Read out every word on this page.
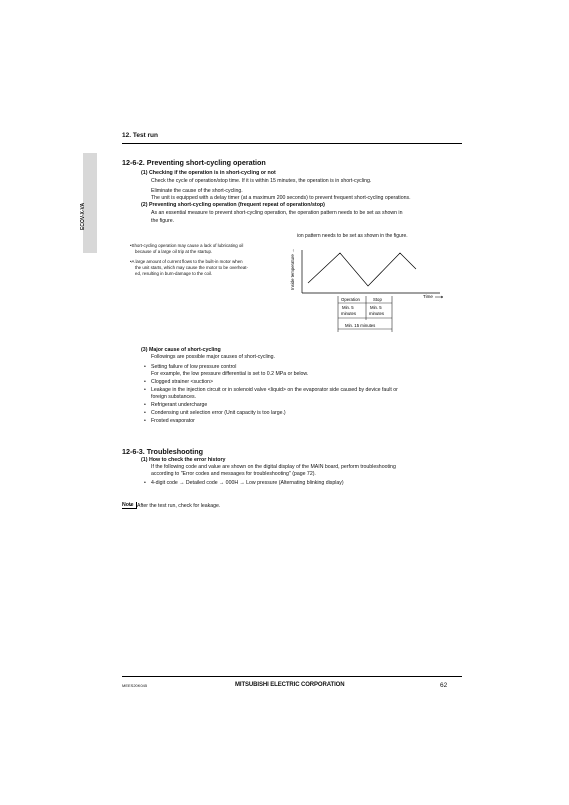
12. Test run
ECOV-X-VA
12-6-2. Preventing short-cycling operation
(1) Checking if the operation is in short-cycling or not
Check the cycle of operation/stop time. If it is within 15 minutes, the operation is in short-cycling.
Eliminate the cause of the short-cycling.
The unit is equipped with a delay timer (at a maximum 200 seconds) to prevent frequent short-cycling operations.
(2) Preventing short-cycling operation (frequent repeat of operation/stop)
As an essential measure to prevent short-cycling operation, the operation pattern needs to be set as shown in
the figure.
ion pattern needs to be set as shown in the figure.
•Short-cycling operation may cause a lack of lubricating oil
because of a large oil trip at the startup.
•A large amount of current flows to the built-in motor when
the unit starts, which may cause the motor to be overheat-
ed, resulting in burn-damage to the coil.	Inside temperature →
Time
Operation	Stop
Min. 5
minutes
Min. 5
minutes
Min. 15 minutes
(3) Major cause of short-cycling
Followings are possible major causes of short-cycling.
• Setting failure of low pressure control
For example, the low pressure differential is set to 0.2 MPa or below.
• Clogged strainer <suction>
• Leakage in the injection circuit or in solenoid valve <liquid> on the evaporator side caused by device fault or
foreign substances.
• Refrigerant undercharge
• Condensing unit selection error (Unit capacity is too large.)
• Frosted evaporator
12-6-3. Troubleshooting
(1) How to check the error history
If the following code and value are shown on the digital display of the MAIN board, perform troubleshooting
according to "Error codes and messages for troubleshooting" (page 72).
• 4-digit code → Detailed code → 000H → Low pressure (Alternating blinking display)
Note
• After the test run, check for leakage.
MEES20K045	MITSUBISHI ELECTRIC CORPORATION	62
